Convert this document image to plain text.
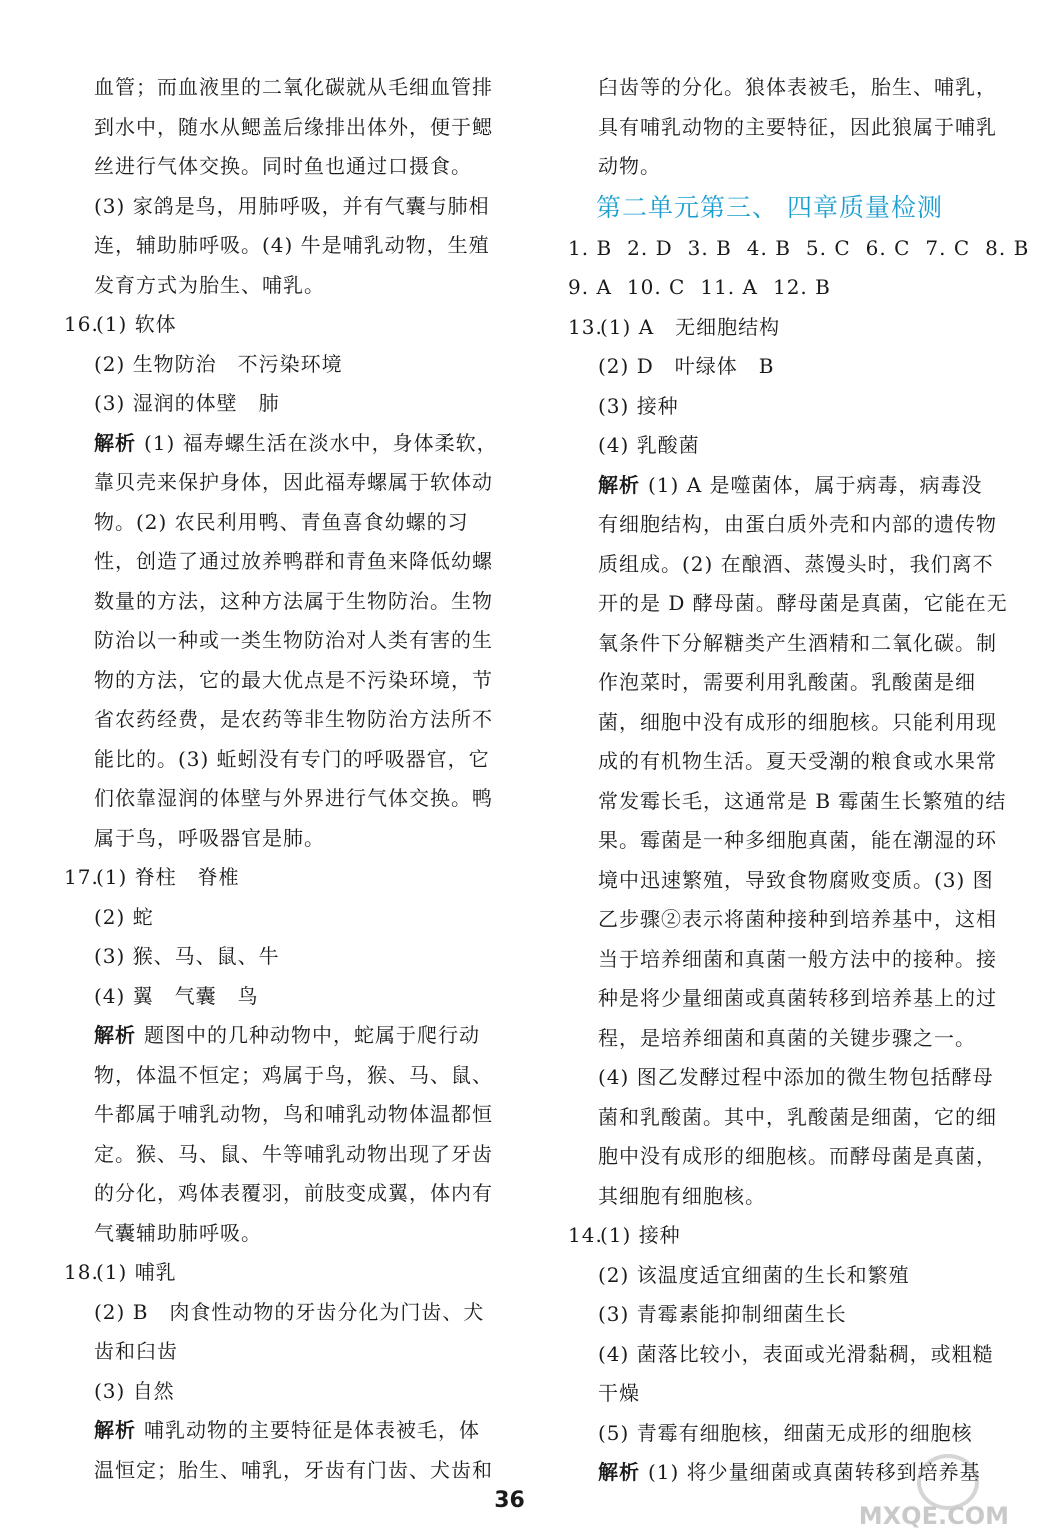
血管；而血液里的二氧化碳就从毛细血管排
到水中，随水从鳃盖后缘排出体外，便于鳃
丝进行气体交换。同时鱼也通过口摄食。
(3) 家鸽是鸟，用肺呼吸，并有气囊与肺相
连，辅助肺呼吸。(4) 牛是哺乳动物，生殖
发育方式为胎生、哺乳。
16.(1) 软体
(2) 生物防治　不污染环境
(3) 湿润的体壁　肺
解析 (1) 福寿螺生活在淡水中，身体柔软，
靠贝壳来保护身体，因此福寿螺属于软体动
物。(2) 农民利用鸭、青鱼喜食幼螺的习
性，创造了通过放养鸭群和青鱼来降低幼螺
数量的方法，这种方法属于生物防治。生物
防治以一种或一类生物防治对人类有害的生
物的方法，它的最大优点是不污染环境，节
省农药经费，是农药等非生物防治方法所不
能比的。(3) 蚯蚓没有专门的呼吸器官，它
们依靠湿润的体壁与外界进行气体交换。鸭
属于鸟，呼吸器官是肺。
17.(1) 脊柱　脊椎
(2) 蛇
(3) 猴、马、鼠、牛
(4) 翼　气囊　鸟
解析 题图中的几种动物中，蛇属于爬行动
物，体温不恒定；鸡属于鸟，猴、马、鼠、
牛都属于哺乳动物，鸟和哺乳动物体温都恒
定。猴、马、鼠、牛等哺乳动物出现了牙齿
的分化，鸡体表覆羽，前肢变成翼，体内有
气囊辅助肺呼吸。
18.(1) 哺乳
(2) B　肉食性动物的牙齿分化为门齿、犬
齿和臼齿
(3) 自然
解析 哺乳动物的主要特征是体表被毛，体
温恒定；胎生、哺乳，牙齿有门齿、犬齿和
臼齿等的分化。狼体表被毛，胎生、哺乳，
具有哺乳动物的主要特征，因此狼属于哺乳
动物。
第二单元第三、 四章质量检测
1. B 2. D 3. B 4. B 5. C 6. C 7. C 8. B
9. A 10. C 11. A 12. B
13.(1) A　无细胞结构
(2) D　叶绿体　B
(3) 接种
(4) 乳酸菌
解析 (1) A 是噬菌体，属于病毒，病毒没
有细胞结构，由蛋白质外壳和内部的遗传物
质组成。(2) 在酿酒、蒸馒头时，我们离不
开的是 D 酵母菌。酵母菌是真菌，它能在无
氧条件下分解糖类产生酒精和二氧化碳。制
作泡菜时，需要利用乳酸菌。乳酸菌是细
菌，细胞中没有成形的细胞核。只能利用现
成的有机物生活。夏天受潮的粮食或水果常
常发霉长毛，这通常是 B 霉菌生长繁殖的结
果。霉菌是一种多细胞真菌，能在潮湿的环
境中迅速繁殖，导致食物腐败变质。(3) 图
乙步骤②表示将菌种接种到培养基中，这相
当于培养细菌和真菌一般方法中的接种。接
种是将少量细菌或真菌转移到培养基上的过
程，是培养细菌和真菌的关键步骤之一。
(4) 图乙发酵过程中添加的微生物包括酵母
菌和乳酸菌。其中，乳酸菌是细菌，它的细
胞中没有成形的细胞核。而酵母菌是真菌，
其细胞有细胞核。
14.(1) 接种
(2) 该温度适宜细菌的生长和繁殖
(3) 青霉素能抑制细菌生长
(4) 菌落比较小，表面或光滑黏稠，或粗糙
干燥
(5) 青霉有细胞核，细菌无成形的细胞核
解析 (1) 将少量细菌或真菌转移到培养基
36
MXQE.COM
